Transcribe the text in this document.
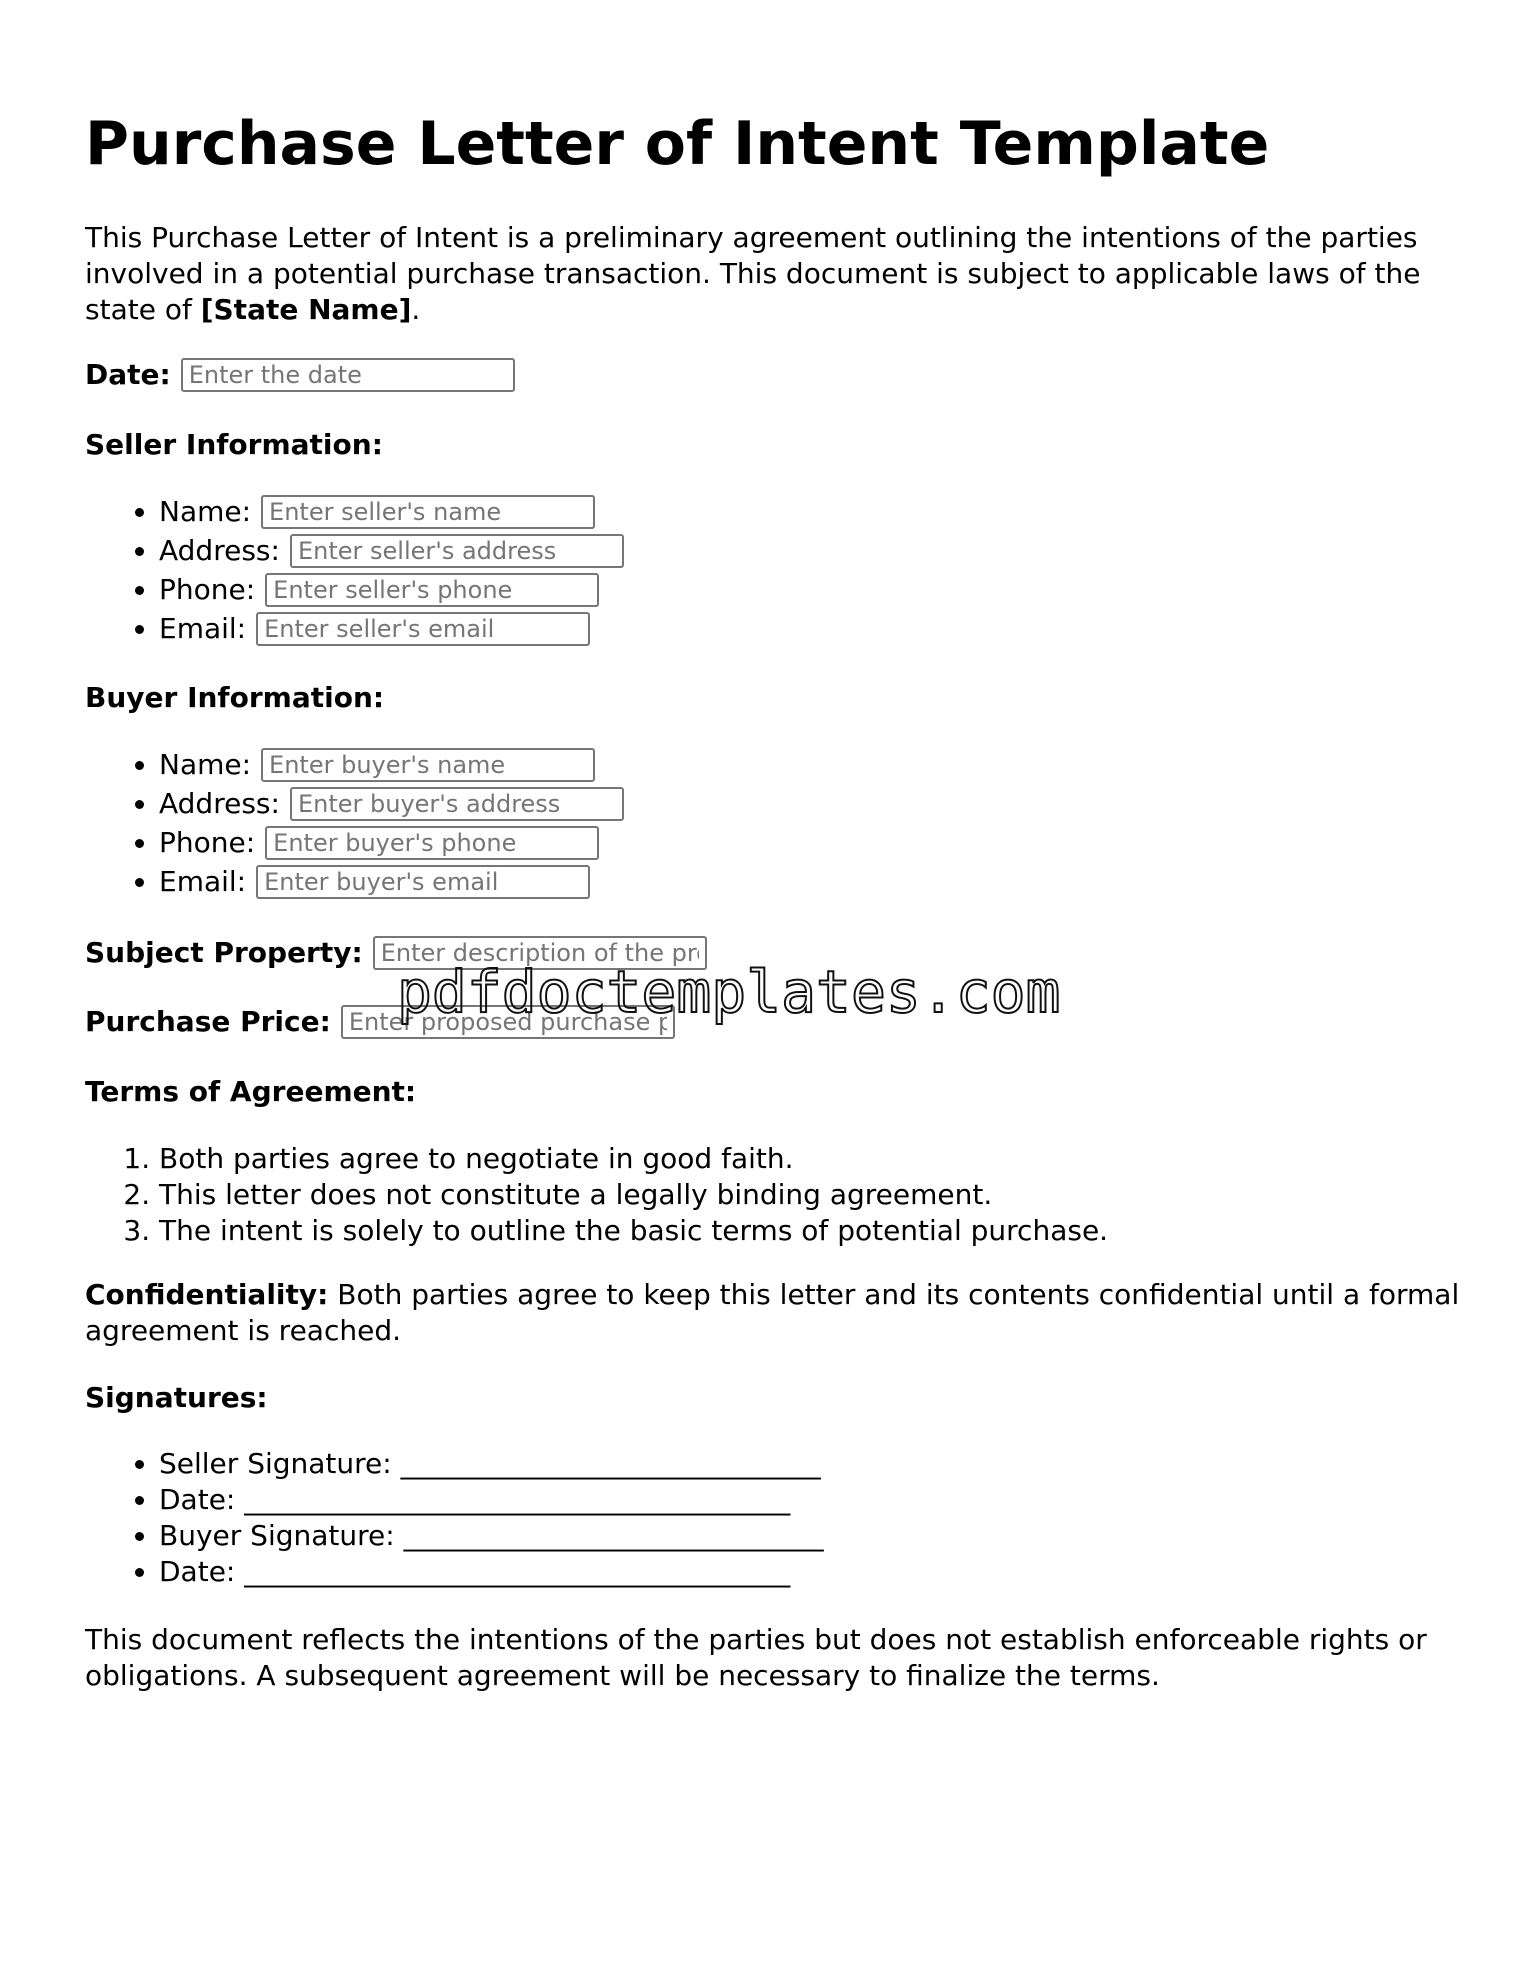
Purchase Letter of Intent Template

This Purchase Letter of Intent is a preliminary agreement outlining the intentions of the parties involved in a potential purchase transaction. This document is subject to applicable laws of the state of [State Name].

Date:
Enter the date
Seller Information:
• Name:
Enter seller's name
• Address:
Enter seller's address
• Phone:
Enter seller's phone
• Email:
Enter seller's email
Buyer Information:
• Name:
Enter buyer's name
• Address:
Enter buyer's address
• Phone:
Enter buyer's phone
• Email:
Enter buyer's email
Subject Property:
Enter description of the property
Purchase Price:
Enter proposed purchase price
Terms of Agreement:
1. Both parties agree to negotiate in good faith.
2. This letter does not constitute a legally binding agreement.
3. The intent is solely to outline the basic terms of potential purchase.

Confidentiality: Both parties agree to keep this letter and its contents confidential until a formal agreement is reached.

Signatures:
• Seller Signature: ______________________________
• Date: _______________________________________
• Buyer Signature: ______________________________
• Date: _______________________________________

This document reflects the intentions of the parties but does not establish enforceable rights or obligations. A subsequent agreement will be necessary to finalize the terms.

pdfdoctemplates.com
